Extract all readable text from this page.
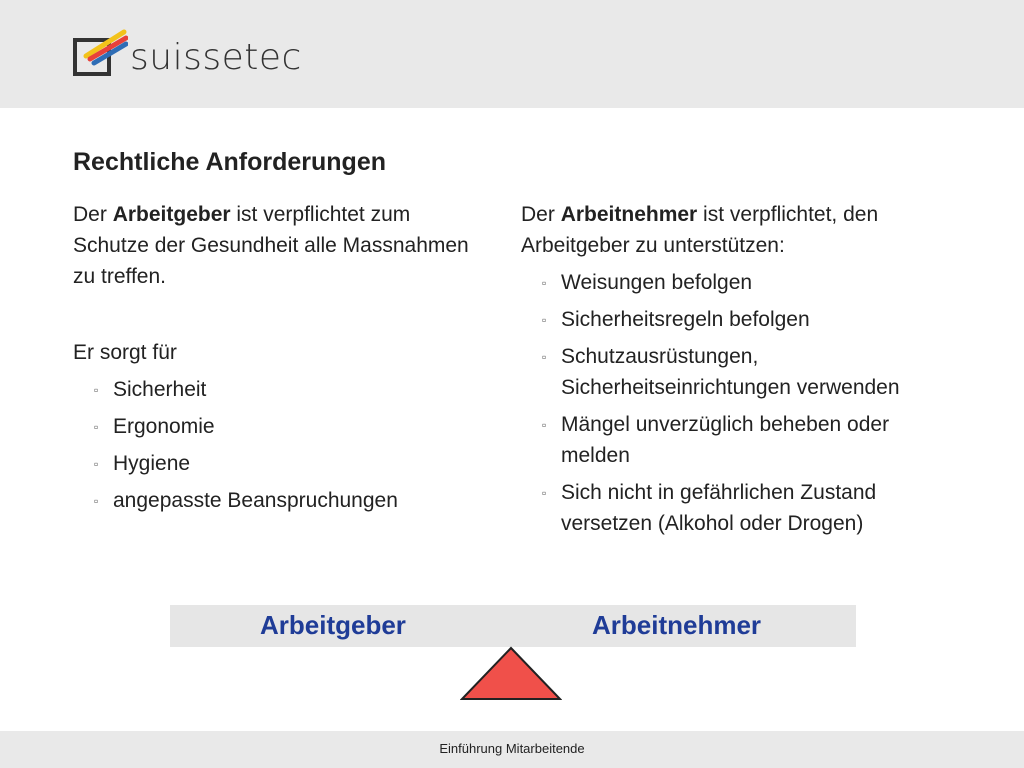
suissetec
Rechtliche Anforderungen

Der Arbeitgeber ist verpflichtet zum Schutze der Gesundheit alle Massnahmen zu treffen.

Er sorgt für

▫ Sicherheit
▫ Ergonomie
▫ Hygiene
▫ angepasste Beanspruchungen

Der Arbeitnehmer ist verpflichtet, den Arbeitgeber zu unterstützen:

▫ Weisungen befolgen
▫ Sicherheitsregeln befolgen
▫ Schutzausrüstungen, Sicherheitseinrichtungen verwenden
▫ Mängel unverzüglich beheben oder melden
▫ Sich nicht in gefährlichen Zustand versetzen (Alkohol oder Drogen)
Arbeitgeber	Arbeitnehmer
Einführung Mitarbeitende
